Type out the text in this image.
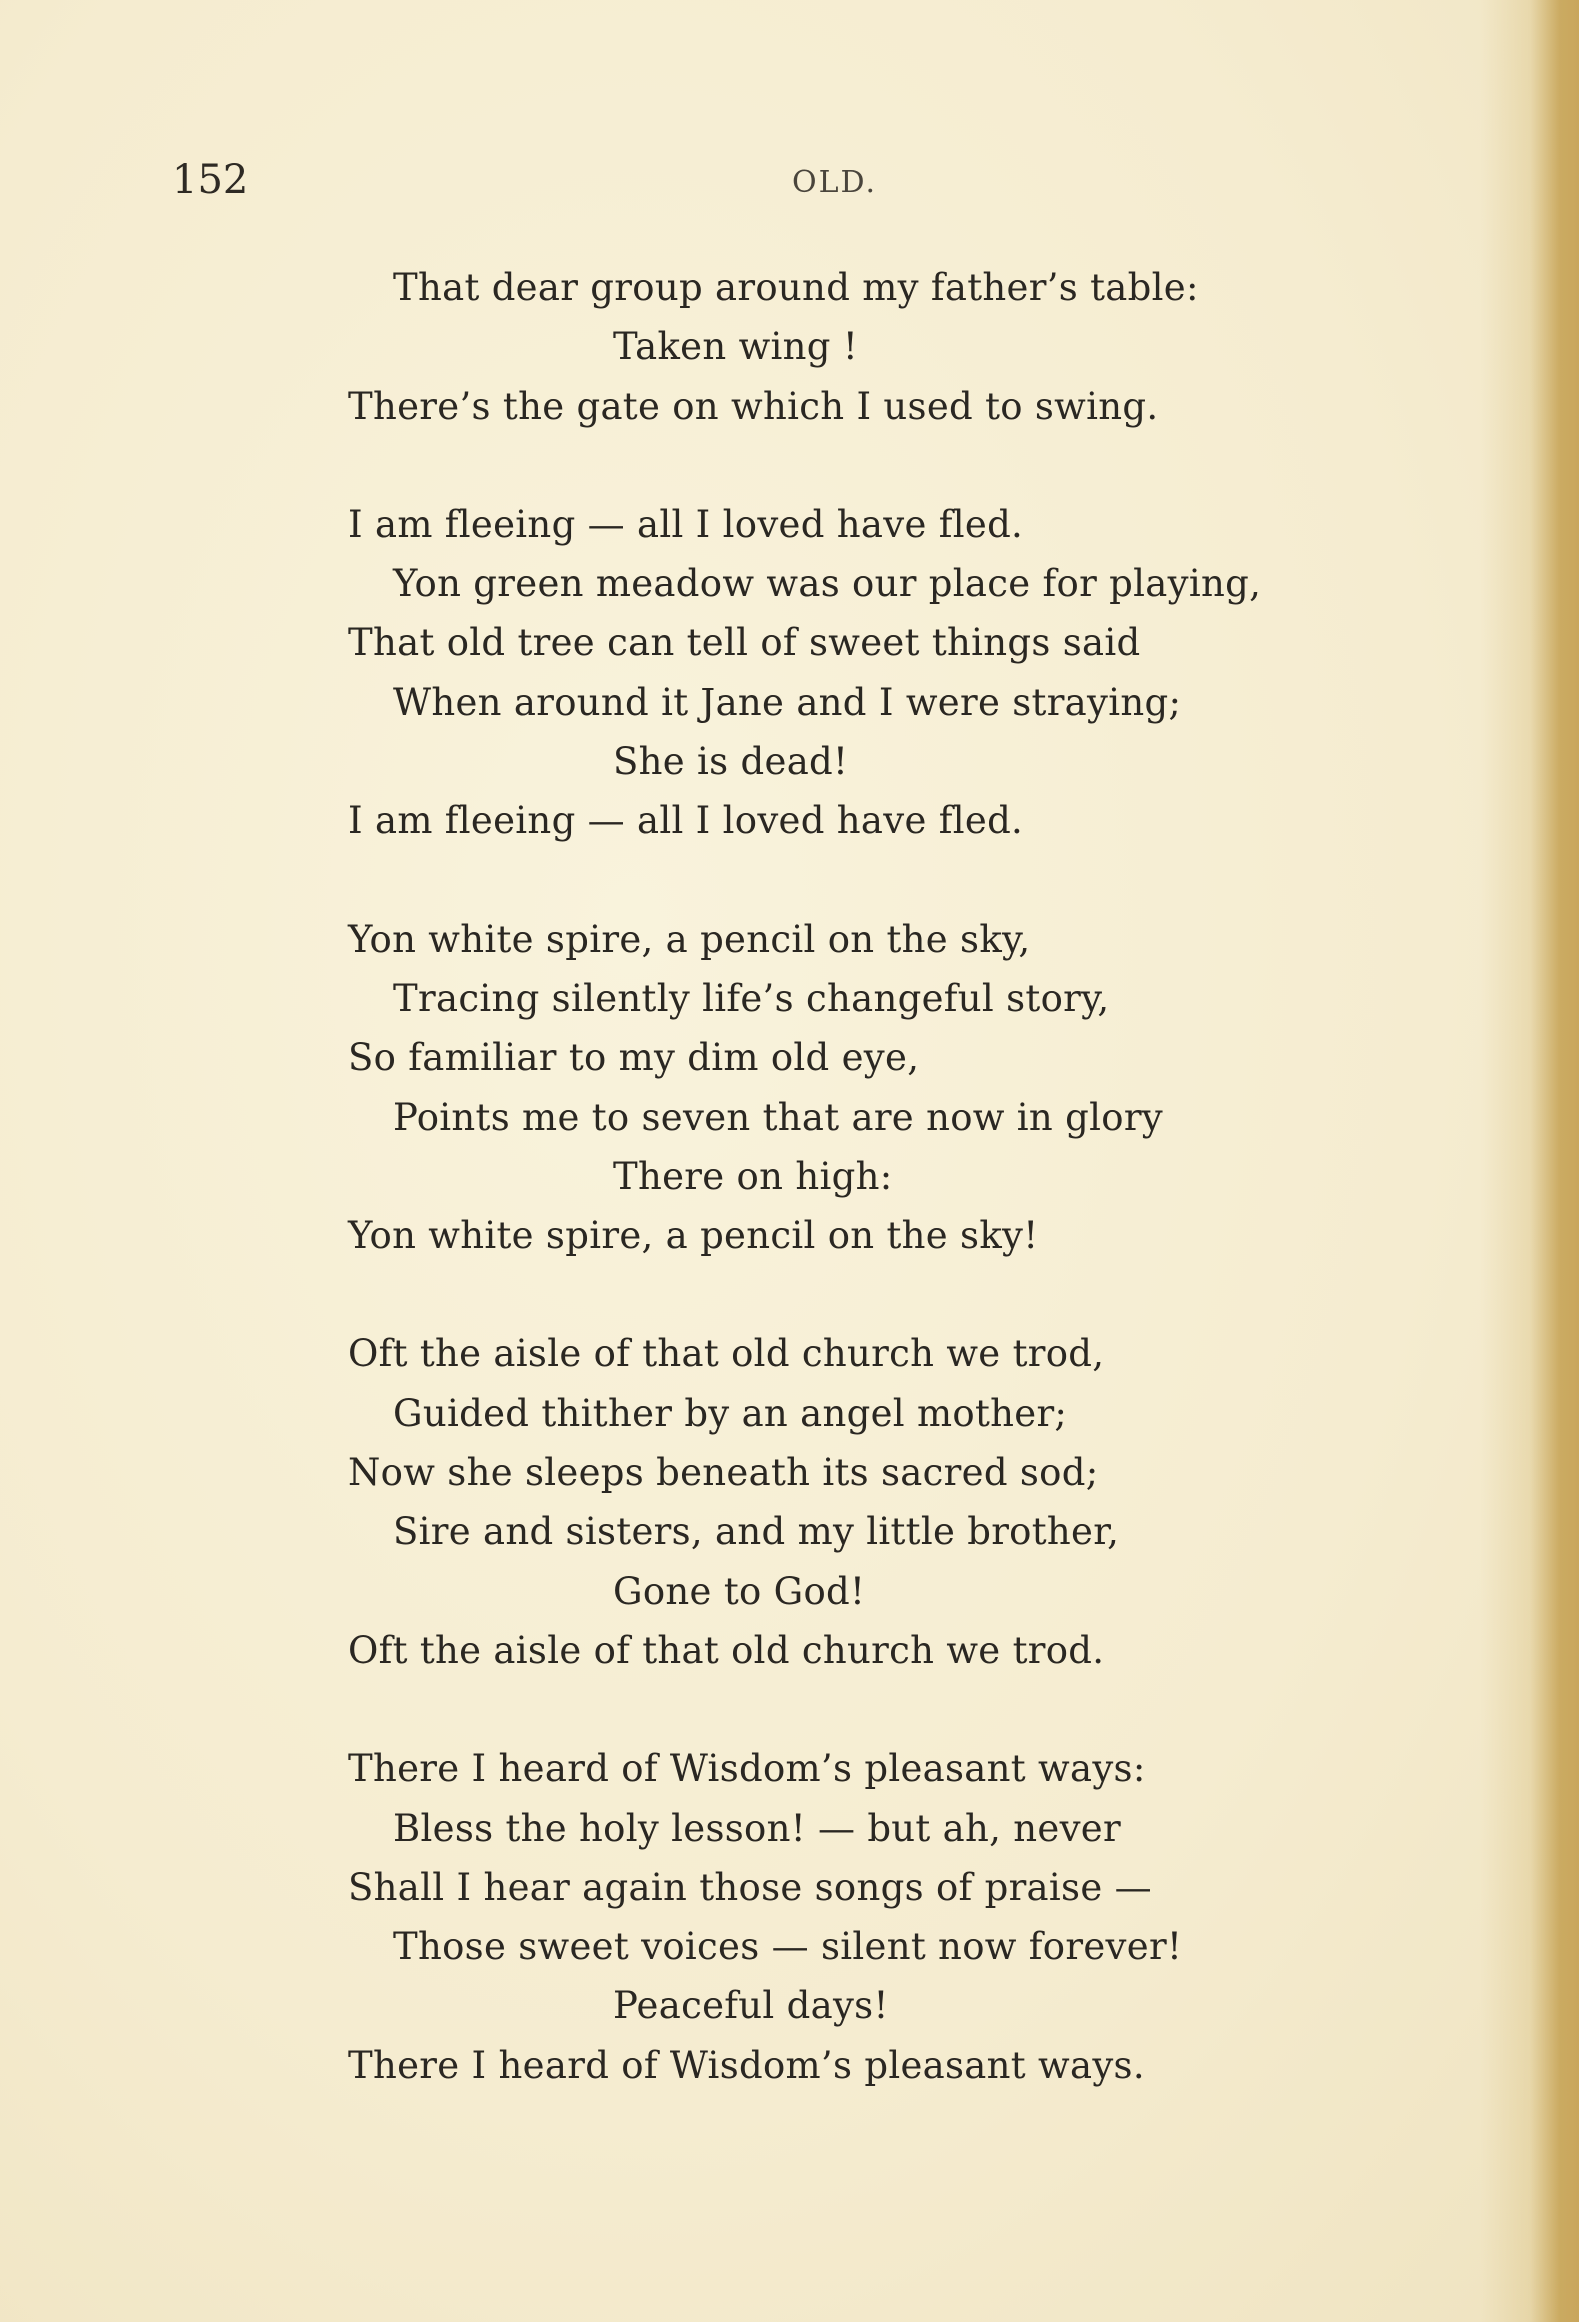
152	OLD.
That dear group around my father’s table:
Taken wing !
There’s the gate on which I used to swing.
I am fleeing — all I loved have fled.
Yon green meadow was our place for playing,
That old tree can tell of sweet things said
When around it Jane and I were straying;
She is dead!
I am fleeing — all I loved have fled.
Yon white spire, a pencil on the sky,
Tracing silently life’s changeful story,
So familiar to my dim old eye,
Points me to seven that are now in glory
There on high:
Yon white spire, a pencil on the sky!
Oft the aisle of that old church we trod,
Guided thither by an angel mother;
Now she sleeps beneath its sacred sod;
Sire and sisters, and my little brother,
Gone to God!
Oft the aisle of that old church we trod.
There I heard of Wisdom’s pleasant ways:
Bless the holy lesson! — but ah, never
Shall I hear again those songs of praise —
Those sweet voices — silent now forever!
Peaceful days!
There I heard of Wisdom’s pleasant ways.
